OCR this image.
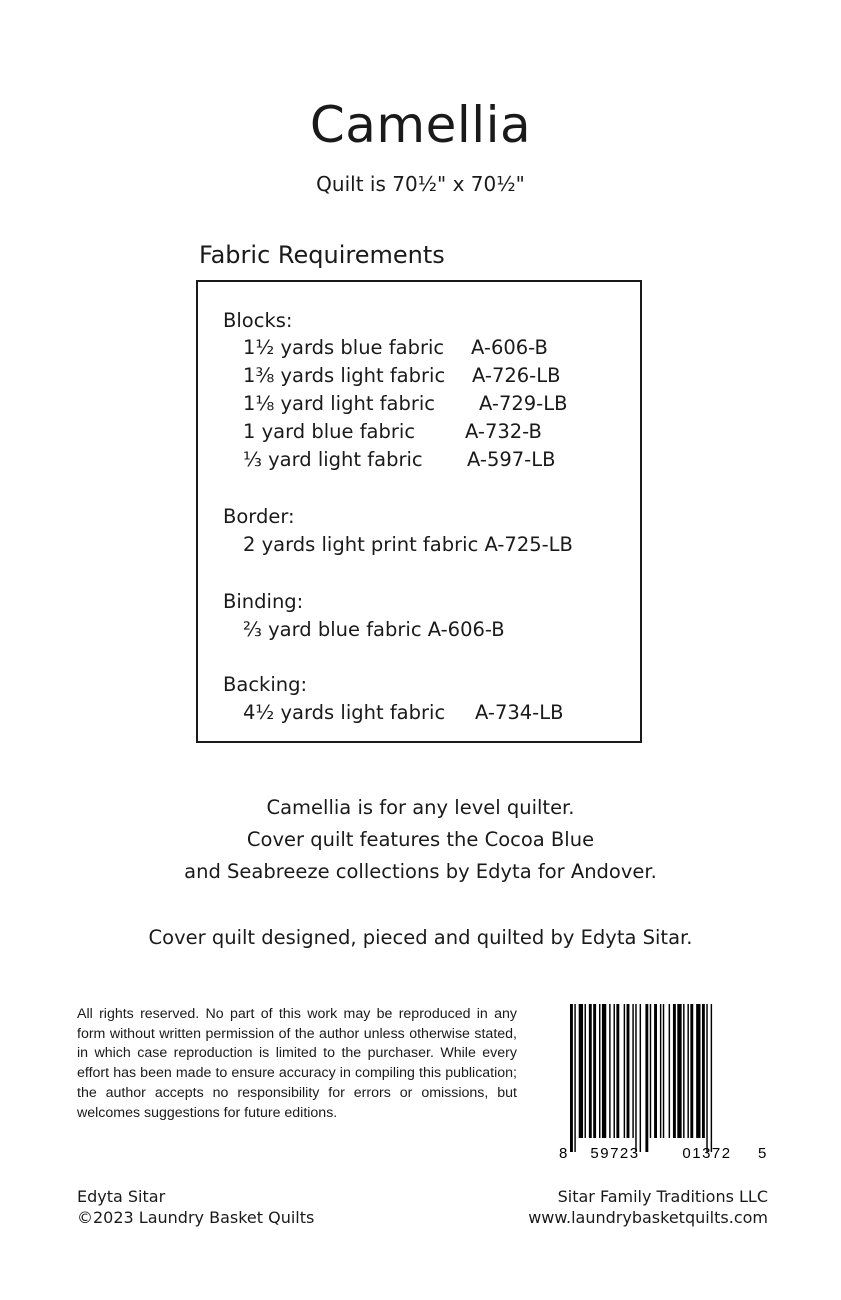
Camellia
Quilt is 70½" x 70½"
Fabric Requirements
Blocks:
1½ yards blue fabric A-606-B
1⅜ yards light fabric A-726-LB
1⅛ yard light fabric A-729-LB
1 yard blue fabric	A-732-B
⅓ yard light fabric A-597-LB
Border:
2 yards light print fabric A-725-LB
Binding:
⅔ yard blue fabric A-606-B
Backing:
4½ yards light fabric A-734-LB
Camellia is for any level quilter.
Cover quilt features the Cocoa Blue
and Seabreeze collections by Edyta for Andover.
Cover quilt designed, pieced and quilted by Edyta Sitar.
All rights reserved. No part of this work may be reproduced in any form without written permission of the author unless otherwise stated, in which case reproduction is limited to the purchaser. While every effort has been made to ensure accuracy in compiling this publication; the author accepts no responsibility for errors or omissions, but welcomes suggestions for future editions.
8 59723	01372 5
Edyta Sitar
©2023 Laundry Basket Quilts
Sitar Family Traditions LLC
www.laundrybasketquilts.com
